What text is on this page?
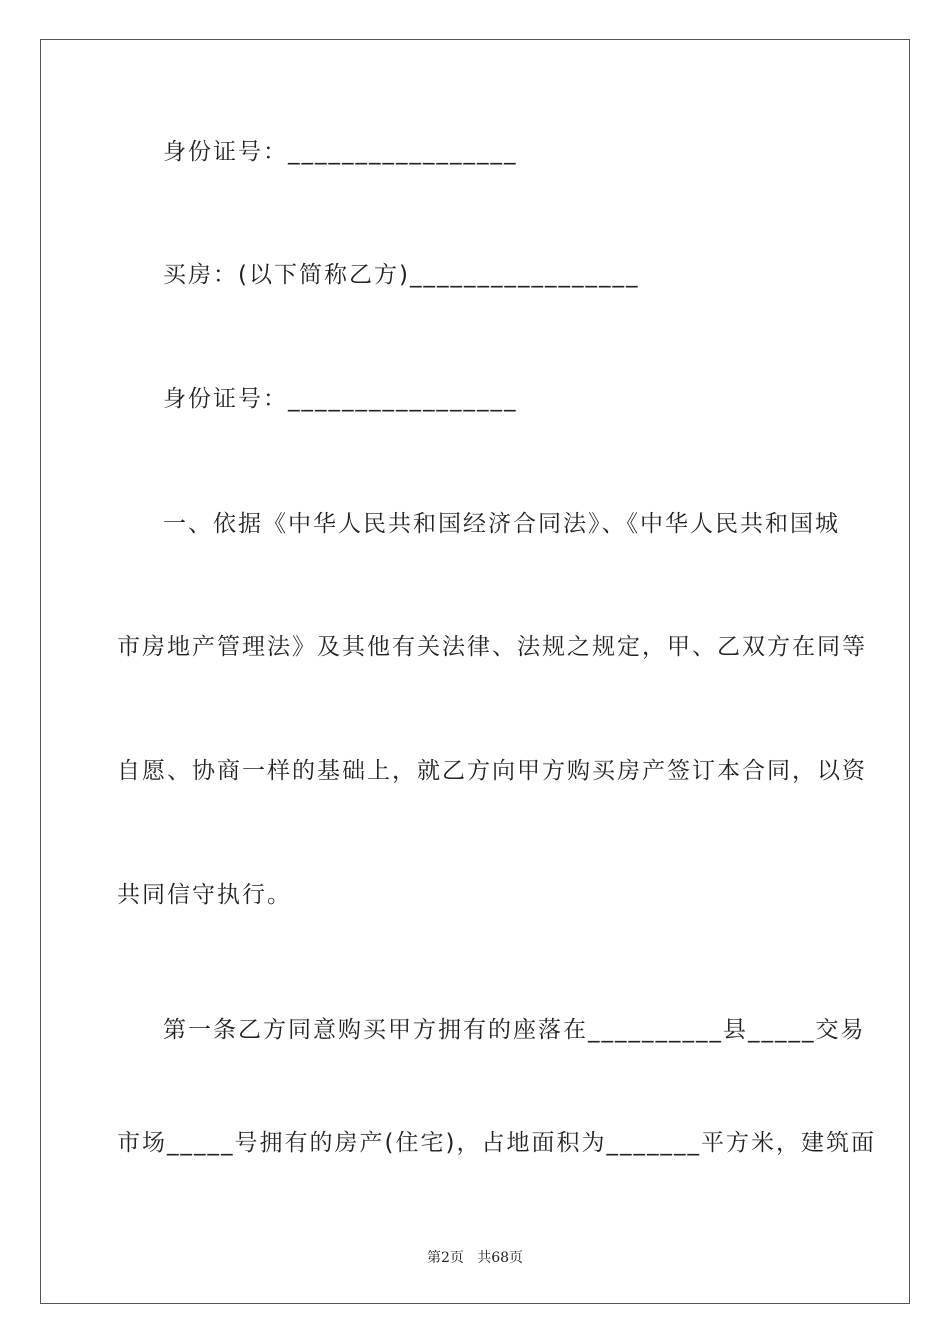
身份证号：_________________
买房：(以下简称乙方)_________________
身份证号：_________________
一、依据《中华人民共和国经济合同法》、《中华人民共和国城
市房地产管理法》及其他有关法律、法规之规定，甲、乙双方在同等
自愿、协商一样的基础上，就乙方向甲方购买房产签订本合同，以资
共同信守执行。
第一条乙方同意购买甲方拥有的座落在__________县_____交易
市场_____号拥有的房产(住宅)，占地面积为_______平方米，建筑面
第2页   共68页
